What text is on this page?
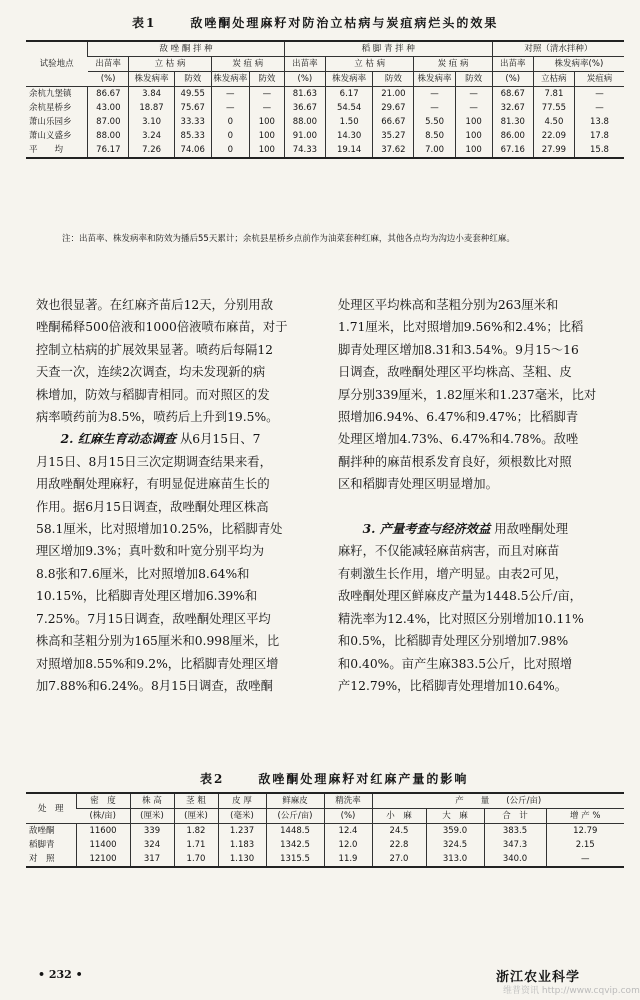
表1	敌唑酮处理麻籽对防治立枯病与炭疽病烂头的效果
试验地点	敌 唑 酮 拌 种					稻 脚 青 拌 种					对照（清水拌种）		
	出苗率	立 枯 病		炭 疽 病		出苗率	立 枯 病		炭 疽 病		出苗率	株发病率(%)	
	(%)	株发病率	防效	株发病率	防效	(%)	株发病率	防效	株发病率	防效	(%)	立枯病	炭疽病
余杭九堡镇	86.67	3.84	49.55	—	—	81.63	6.17	21.00	—	—	68.67	7.81	—
余杭星桥乡	43.00	18.87	75.67	—	—	36.67	54.54	29.67	—	—	32.67	77.55	—
萧山乐园乡	87.00	3.10	33.33	0	100	88.00	1.50	66.67	5.50	100	81.30	4.50	13.8
萧山义盛乡	88.00	3.24	85.33	0	100	91.00	14.30	35.27	8.50	100	86.00	22.09	17.8
平　　均	76.17	7.26	74.06	0	100	74.33	19.14	37.62	7.00	100	67.16	27.99	15.8
注：出苗率、株发病率和防效为播后55天累计；余杭县星桥乡点前作为油菜套种红麻，其他各点均为沟边小麦套种红麻。

效也很显著。在红麻齐苗后12天，分别用敌

唑酮稀释500倍液和1000倍液喷布麻苗，对于

控制立枯病的扩展效果显著。喷药后每隔12

天查一次，连续2次调查，均未发现新的病

株增加，防效与稻脚青相同。而对照区的发

病率喷药前为8.5%，喷药后上升到19.5%。

2. 红麻生育动态调查 从6月15日、7

月15日、8月15日三次定期调查结果来看，

用敌唑酮处理麻籽，有明显促进麻苗生长的

作用。据6月15日调查，敌唑酮处理区株高

58.1厘米，比对照增加10.25%，比稻脚青处

理区增加9.3%；真叶数和叶宽分别平均为

8.8张和7.6厘米，比对照增加8.64%和

10.15%，比稻脚青处理区增加6.39%和

7.25%。7月15日调查，敌唑酮处理区平均

株高和茎粗分别为165厘米和0.998厘米，比

对照增加8.55%和9.2%，比稻脚青处理区增

加7.88%和6.24%。8月15日调查，敌唑酮

处理区平均株高和茎粗分别为263厘米和

1.71厘米，比对照增加9.56%和2.4%；比稻

脚青处理区增加8.31和3.54%。9月15～16

日调查，敌唑酮处理区平均株高、茎粗、皮

厚分别339厘米，1.82厘米和1.237毫米，比对

照增加6.94%、6.47%和9.47%；比稻脚青

处理区增加4.73%、6.47%和4.78%。敌唑

酮拌种的麻苗根系发育良好，须根数比对照

区和稻脚青处理区明显增加。

3. 产量考查与经济效益 用敌唑酮处理

麻籽，不仅能减轻麻苗病害，而且对麻苗

有刺激生长作用，增产明显。由表2可见，

敌唑酮处理区鲜麻皮产量为1448.5公斤/亩，

精洗率为12.4%，比对照区分别增加10.11%

和0.5%，比稻脚青处理区分别增加7.98%

和0.40%。亩产生麻383.5公斤，比对照增

产12.79%，比稻脚青处理增加10.64%。

表2	敌唑酮处理麻籽对红麻产量的影响
处　理	密　度	株 高	茎 粗	皮 厚	鲜麻皮	精洗率	产　　量　　(公斤/亩)			
	(株/亩)	(厘米)	(厘米)	(毫米)	(公斤/亩)	(%)	小　麻	大　麻	合　计	增 产 %
敌唑酮	11600	339	1.82	1.237	1448.5	12.4	24.5	359.0	383.5	12.79
稻脚青	11400	324	1.71	1.183	1342.5	12.0	22.8	324.5	347.3	2.15
对　照	12100	317	1.70	1.130	1315.5	11.9	27.0	313.0	340.0	—
• 232 •	浙江农业科学
维普资讯 http://www.cqvip.com
